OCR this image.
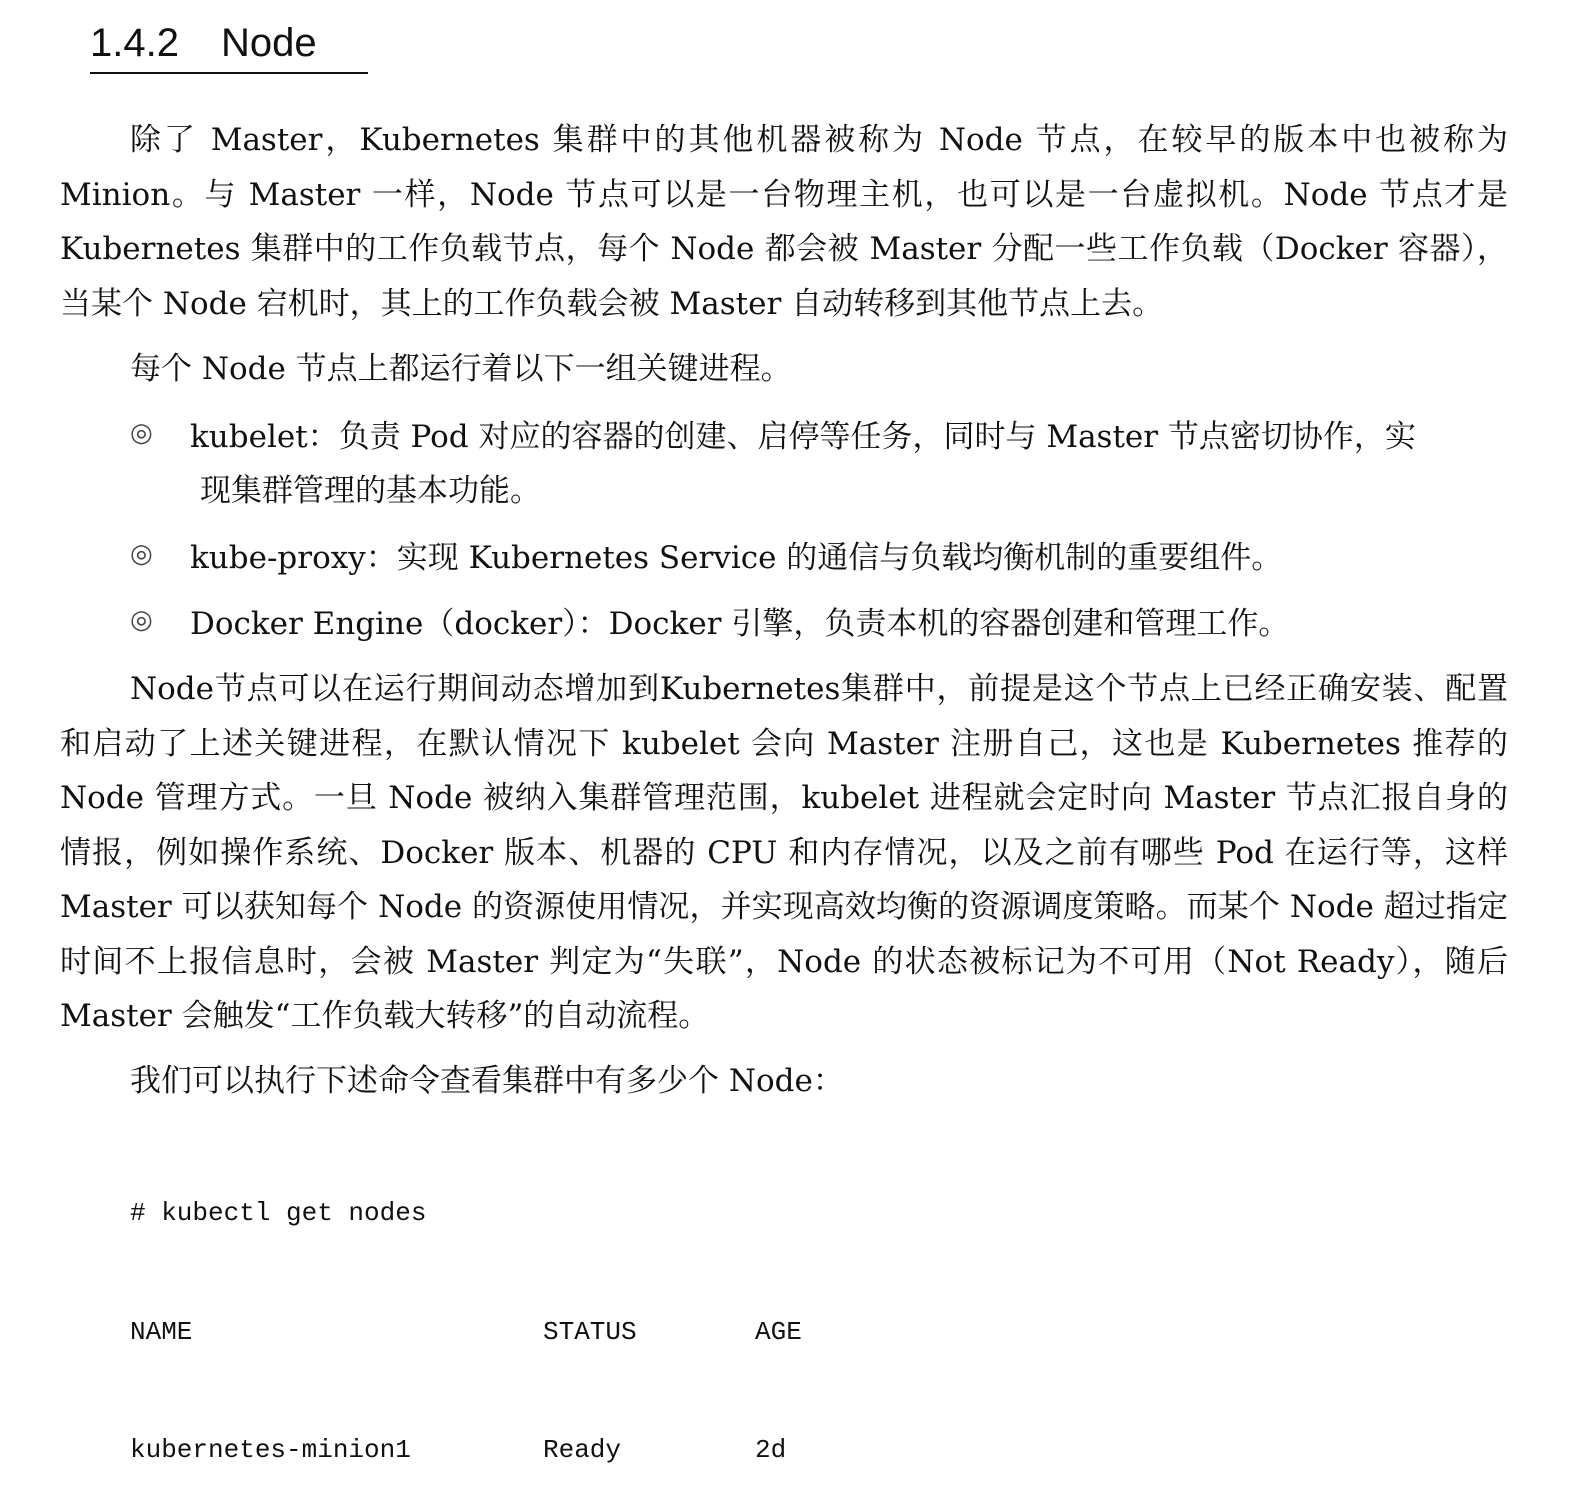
1.4.2 Node

除了 Master，Kubernetes 集群中的其他机器被称为 Node 节点，在较早的版本中也被称为 Minion。与 Master 一样，Node 节点可以是一台物理主机，也可以是一台虚拟机。Node 节点才是 Kubernetes 集群中的工作负载节点，每个 Node 都会被 Master 分配一些工作负载（Docker 容器），当某个 Node 宕机时，其上的工作负载会被 Master 自动转移到其他节点上去。

每个 Node 节点上都运行着以下一组关键进程。
◎ kubelet：负责 Pod 对应的容器的创建、启停等任务，同时与 Master 节点密切协作，实
现集群管理的基本功能。
◎ kube-proxy：实现 Kubernetes Service 的通信与负载均衡机制的重要组件。
◎ Docker Engine（docker）：Docker 引擎，负责本机的容器创建和管理工作。

Node节点可以在运行期间动态增加到Kubernetes集群中，前提是这个节点上已经正确安装、配置和启动了上述关键进程，在默认情况下 kubelet 会向 Master 注册自己，这也是 Kubernetes 推荐的 Node 管理方式。一旦 Node 被纳入集群管理范围，kubelet 进程就会定时向 Master 节点汇报自身的情报，例如操作系统、Docker 版本、机器的 CPU 和内存情况，以及之前有哪些 Pod 在运行等，这样 Master 可以获知每个 Node 的资源使用情况，并实现高效均衡的资源调度策略。而某个 Node 超过指定时间不上报信息时，会被 Master 判定为“失联”，Node 的状态被标记为不可用（Not Ready），随后 Master 会触发“工作负载大转移”的自动流程。

我们可以执行下述命令查看集群中有多少个 Node：

# kubectl get nodes

NAME	STATUS	AGE

kubernetes-minion1	Ready	2d
